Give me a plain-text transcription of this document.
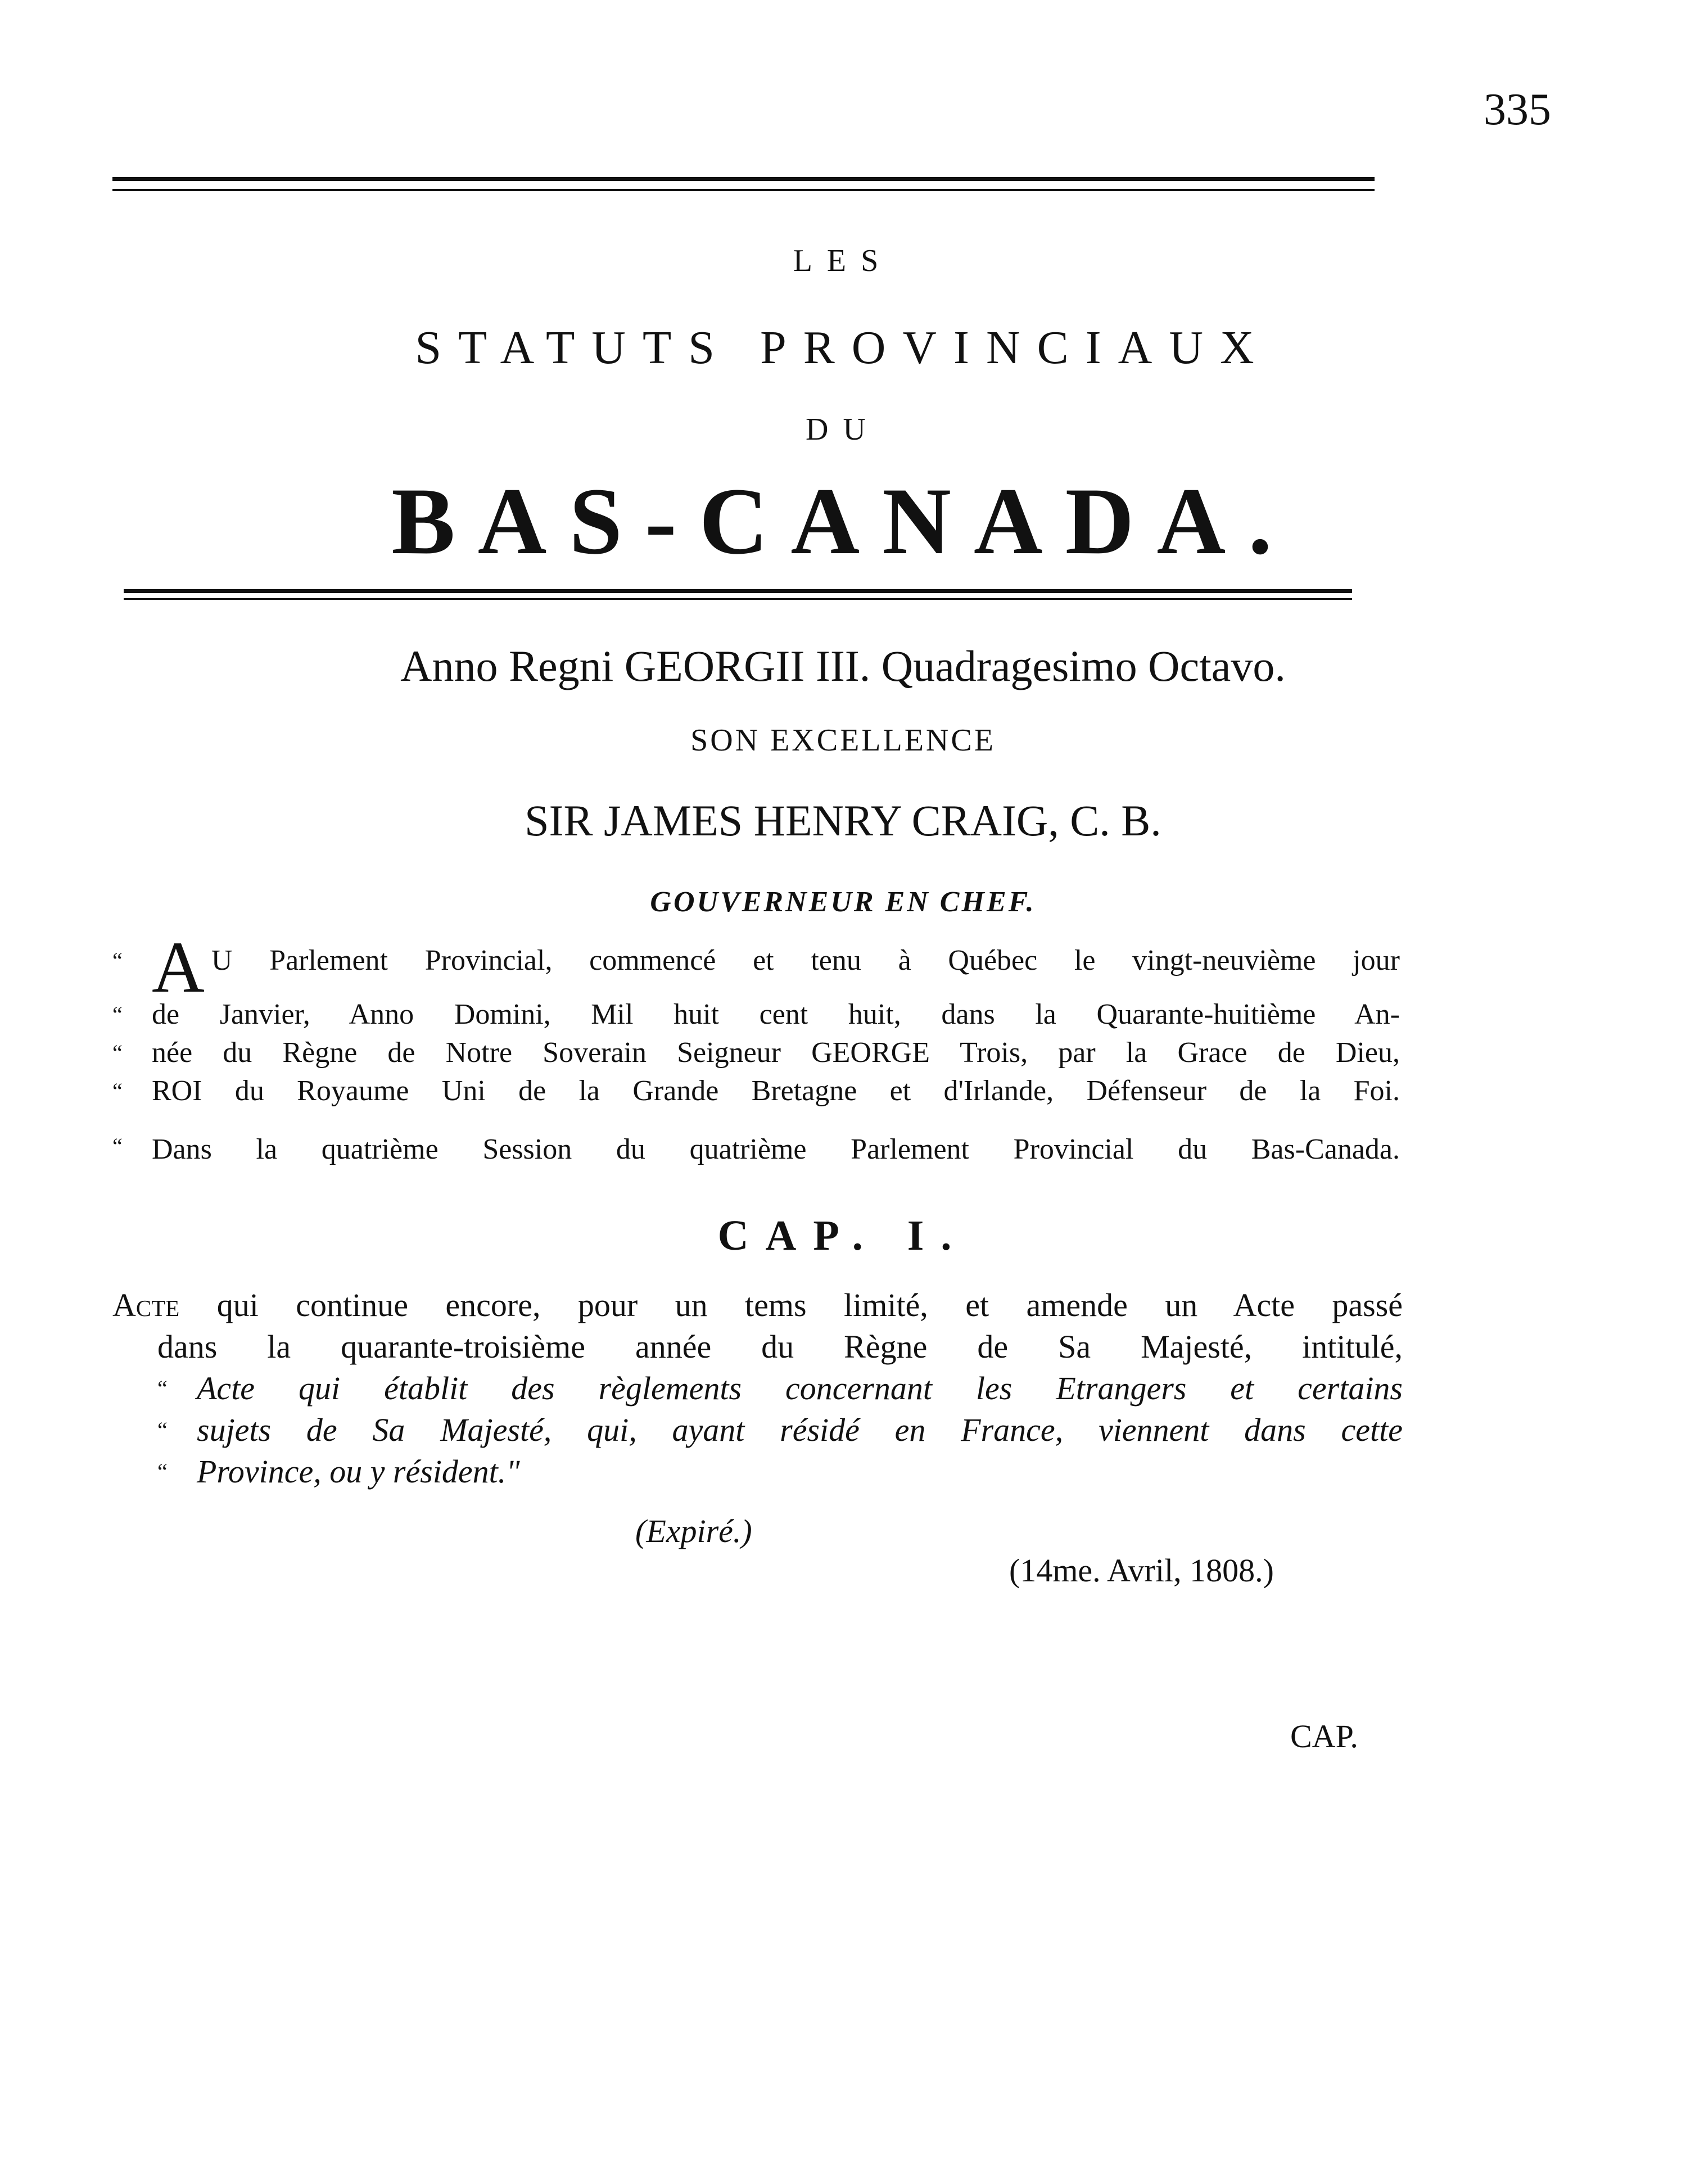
335
LES
STATUTS PROVINCIAUX
DU
BAS-CANADA.
Anno Regni GEORGII III. Quadragesimo Octavo.
SON EXCELLENCE
SIR JAMES HENRY CRAIG, C. B.
GOUVERNEUR EN CHEF.
“ A U Parlement Provincial, commencé et tenu à Québec le vingt-neuvième jour
“	de Janvier, Anno Domini, Mil huit cent huit, dans la Quarante-huitième An-
“	née du Règne de Notre Soverain Seigneur GEORGE Trois, par la Grace de Dieu,
“	ROI du Royaume Uni de la Grande Bretagne et d'Irlande, Défenseur de la Foi.
“	Dans la quatrième Session du quatrième Parlement Provincial du Bas-Canada.
CAP. I.
Acte qui continue encore, pour un tems limité, et amende un Acte passé
dans la quarante-troisième année du Règne de Sa Majesté, intitulé,
“ Acte qui établit des règlements concernant les Etrangers et certains
“ sujets de Sa Majesté, qui, ayant résidé en France, viennent dans cette
“ Province, ou y résident."
(Expiré.)
(14me. Avril, 1808.)
CAP.
